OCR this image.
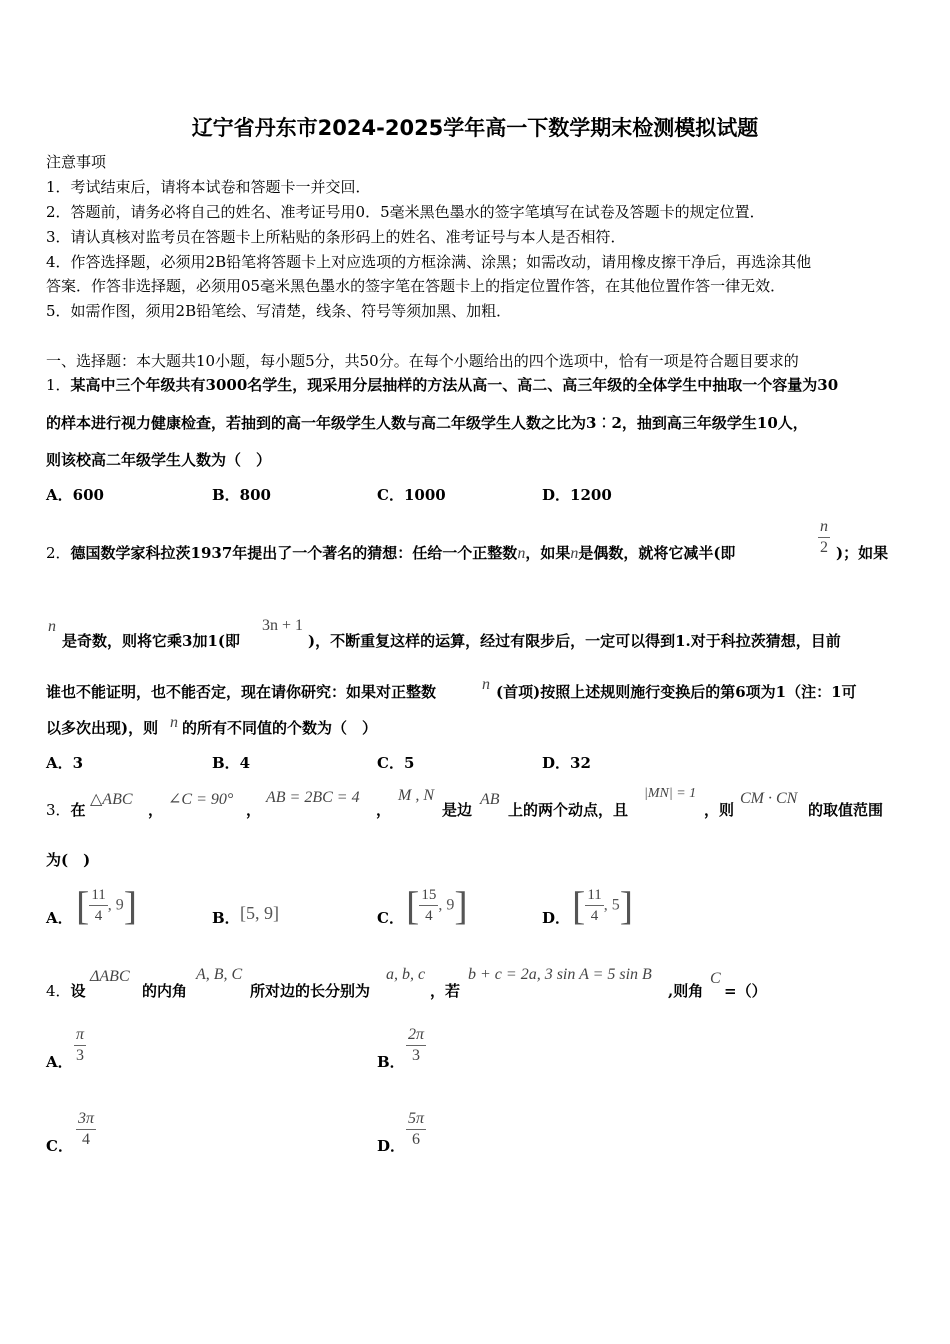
辽宁省丹东市2024-2025学年高一下数学期末检测模拟试题
注意事项
1．考试结束后，请将本试卷和答题卡一并交回．
2．答题前，请务必将自己的姓名、准考证号用0．5毫米黑色墨水的签字笔填写在试卷及答题卡的规定位置．
3．请认真核对监考员在答题卡上所粘贴的条形码上的姓名、准考证号与本人是否相符．
4．作答选择题，必须用2B铅笔将答题卡上对应选项的方框涂满、涂黑；如需改动，请用橡皮擦干净后，再选涂其他
答案．作答非选择题，必须用05毫米黑色墨水的签字笔在答题卡上的指定位置作答，在其他位置作答一律无效．
5．如需作图，须用2B铅笔绘、写清楚，线条、符号等须加黑、加粗．
一、选择题：本大题共10小题，每小题5分，共50分。在每个小题给出的四个选项中，恰有一项是符合题目要求的
1．某高中三个年级共有3000名学生，现采用分层抽样的方法从高一、高二、高三年级的全体学生中抽取一个容量为30
的样本进行视力健康检查，若抽到的高一年级学生人数与高二年级学生人数之比为3︰2，抽到高三年级学生10人，
则该校高二年级学生人数为（　）
A．600	B．800	C．1000	D．1200
2．德国数学家科拉茨1937年提出了一个著名的猜想：任给一个正整数n，如果n是偶数，就将它减半(即	$\frac{n}{2}$ )；如果
n
是奇数，则将它乘3加1(即
3n + 1
)，不断重复这样的运算，经过有限步后，一定可以得到1.对于科拉茨猜想，目前
谁也不能证明，也不能否定，现在请你研究：如果对正整数	n (首项)按照上述规则施行变换后的第6项为1（注：1可
以多次出现)，则 n 的所有不同值的个数为（　）
A．3	B．4	C．5	D．32
3．在
△ABC
，
∠C = 90°
，
AB = 2BC = 4
，
M , N
是边
AB
上的两个动点，且
|MN| = 1
，则
CM · CN
的取值范围
为(　)
A． [ $\frac{11}{4}$ , 9]	B． [5, 9]	C． [ $\frac{15}{4}$ , 9]	D． [ $\frac{11}{4}$ , 5]
4．设
ΔABC
的内角
A, B, C
所对边的长分别为
a, b, c
，若
b + c = 2a, 3 sin A = 5 sin B
,则角
C
=（）
A． $\frac{\pi}{3}$	B． $\frac{2\pi}{3}$
C． $\frac{3\pi}{4}$	D． $\frac{5\pi}{6}$
